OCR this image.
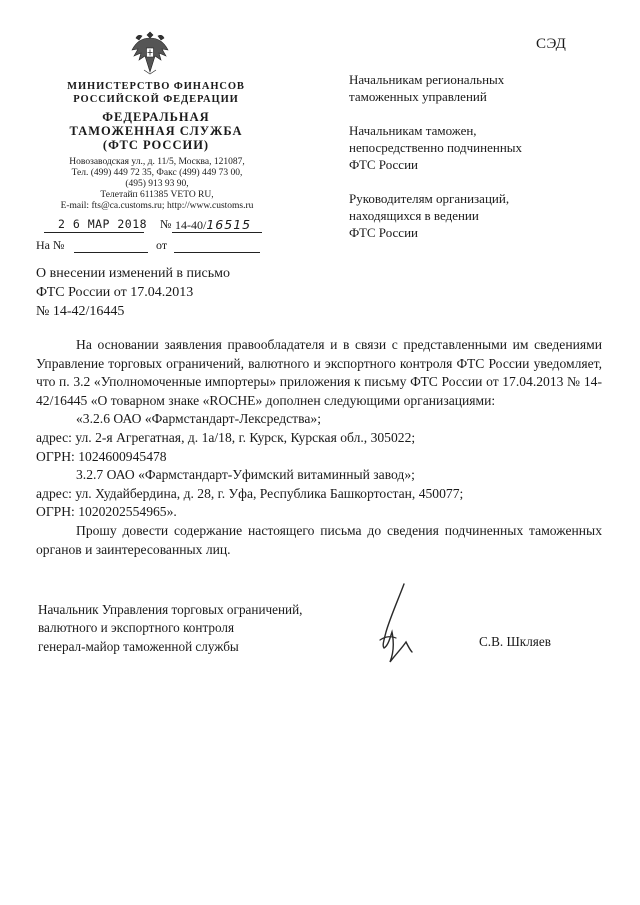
СЭД
МИНИСТЕРСТВО ФИНАНСОВ
РОССИЙСКОЙ ФЕДЕРАЦИИ
ФЕДЕРАЛЬНАЯ
ТАМОЖЕННАЯ СЛУЖБА
(ФТС РОССИИ)
Новозаводская ул., д. 11/5, Москва, 121087,
Тел. (499) 449 72 35, Факс (499) 449 73 00,
(495) 913 93 90,
Телетайп 611385 VETO RU,
E-mail: fts@ca.customs.ru; http://www.customs.ru
2 6 МАР 2018 № 14-40/16515
На №	от
Начальникам региональных
таможенных управлений
Начальникам таможен,
непосредственно подчиненных
ФТС России
Руководителям организаций,
находящихся в ведении
ФТС России
О внесении изменений в письмо
ФТС России от 17.04.2013
№ 14-42/16445

На основании заявления правообладателя и в связи с представленными им сведениями Управление торговых ограничений, валютного и экспортного контроля ФТС России уведомляет, что п. 3.2 «Уполномоченные импортеры» приложения к письму ФТС России от 17.04.2013 № 14-42/16445 «О товарном знаке «ROCHE» дополнен следующими организациями:

«3.2.6 ОАО «Фармстандарт-Лексредства»;

адрес: ул. 2-я Агрегатная, д. 1а/18, г. Курск, Курская обл., 305022;

ОГРН: 1024600945478

3.2.7 ОАО «Фармстандарт-Уфимский витаминный завод»;

адрес: ул. Худайбердина, д. 28, г. Уфа, Республика Башкортостан, 450077;

ОГРН: 1020202554965».

Прошу довести содержание настоящего письма до сведения подчиненных таможенных органов и заинтересованных лиц.

Начальник Управления торговых ограничений,
валютного и экспортного контроля
генерал-майор таможенной службы	С.В. Шкляев
